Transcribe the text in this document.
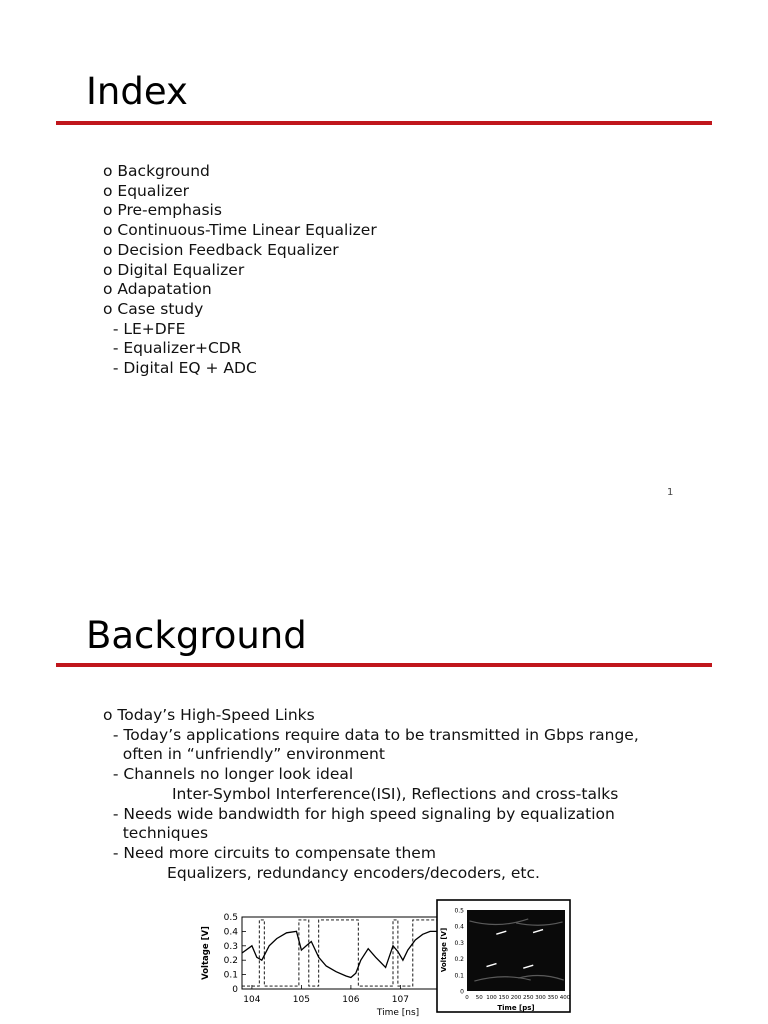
Index
o Background
o Equalizer
o Pre-emphasis
o Continuous-Time Linear Equalizer
o Decision Feedback Equalizer
o Digital Equalizer
o Adapatation
o Case study
- LE+DFE
- Equalizer+CDR
- Digital EQ + ADC
1
Background
o Today’s High-Speed Links
- Today’s applications require data to be transmitted in Gbps range,
often in “unfriendly” environment
- Channels no longer look ideal
Inter-Symbol Interference(ISI), Reflections and cross-talks
- Needs wide bandwidth for high speed signaling by equalization
techniques
- Need more circuits to compensate them
Equalizers, redundancy encoders/decoders, etc.
0
0.1
0.2
0.3
0.4
0.5
104	105	106	107
Time [ns]
Voltage [V]
0
0.1
0.2
0.3
0.4
0.5
0 50 100 150 200 250 300 350 400
Time [ps]
Voltage [V]
